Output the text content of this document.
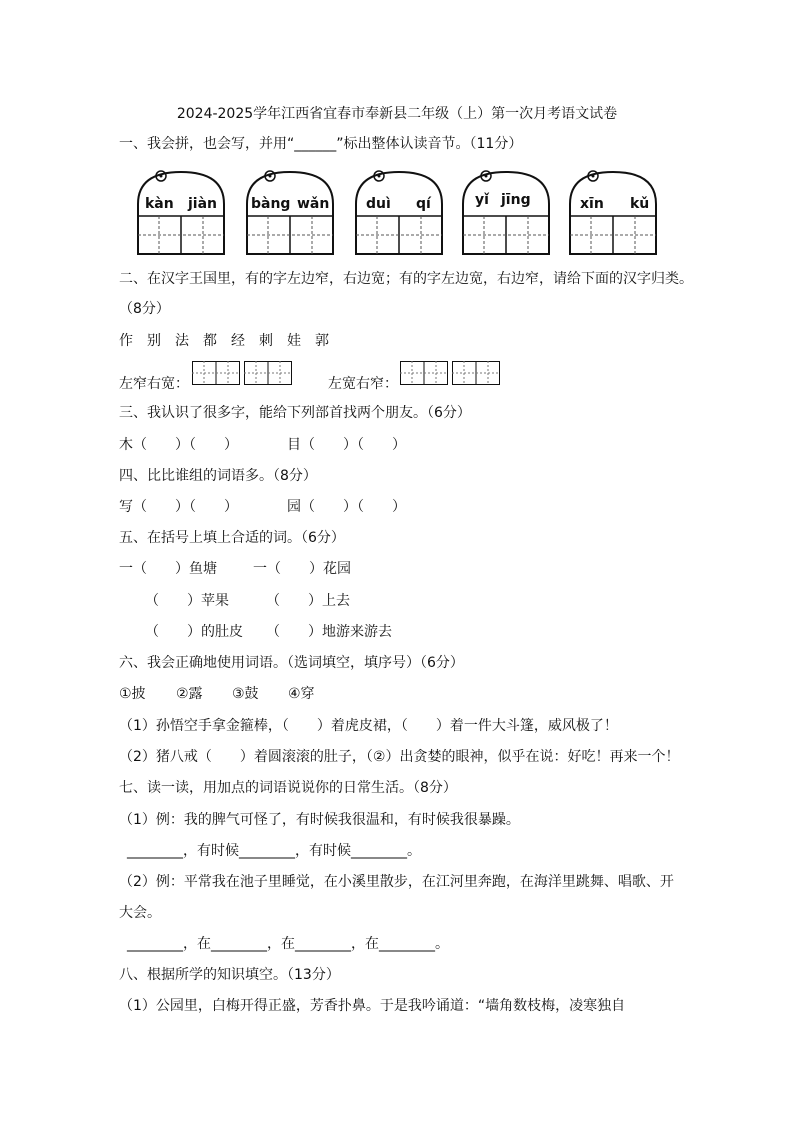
2024-2025学年江西省宜春市奉新县二年级（上）第一次月考语文试卷
一、我会拼，也会写，并用“______”标出整体认读音节。（11分）
kàn jiàn bàng wǎn	duì qí	yǐ jīng	xīn kǔ
二、在汉字王国里，有的字左边窄，右边宽；有的字左边宽，右边窄，请给下面的汉字归类。
（8分）
作　别　法　都　经　刺　娃　郭
左窄右宽：	左宽右窄：
三、我认识了很多字，能给下列部首找两个朋友。（6分）
木（　　）（　　）	目（　　）（　　）
四、比比谁组的词语多。（8分）
写（　　）（　　）	园（　　）（　　）
五、在括号上填上合适的词。（6分）
一（　　）鱼塘	一（　　）花园
（　　）苹果	（　　）上去
（　　）的肚皮 （　　）地游来游去
六、我会正确地使用词语。（选词填空，填序号）（6分）
①披 ②露 ③鼓 ④穿
（1）孙悟空手拿金箍棒，（　　）着虎皮裙，（　　）着一件大斗篷，威风极了！
（2）猪八戒（　　）着圆滚滚的肚子，（②）出贪婪的眼神，似乎在说：好吃！再来一个！
七、读一读，用加点的词语说说你的日常生活。（8分）
（1）例：我的脾气可怪了，有时候我很温和，有时候我很暴躁。
________，有时候________，有时候________。
（2）例：平常我在池子里睡觉，在小溪里散步，在江河里奔跑，在海洋里跳舞、唱歌、开
大会。
________，在________，在________，在________。
八、根据所学的知识填空。（13分）
（1）公园里，白梅开得正盛，芳香扑鼻。于是我吟诵道：“墙角数枝梅，凌寒独自
